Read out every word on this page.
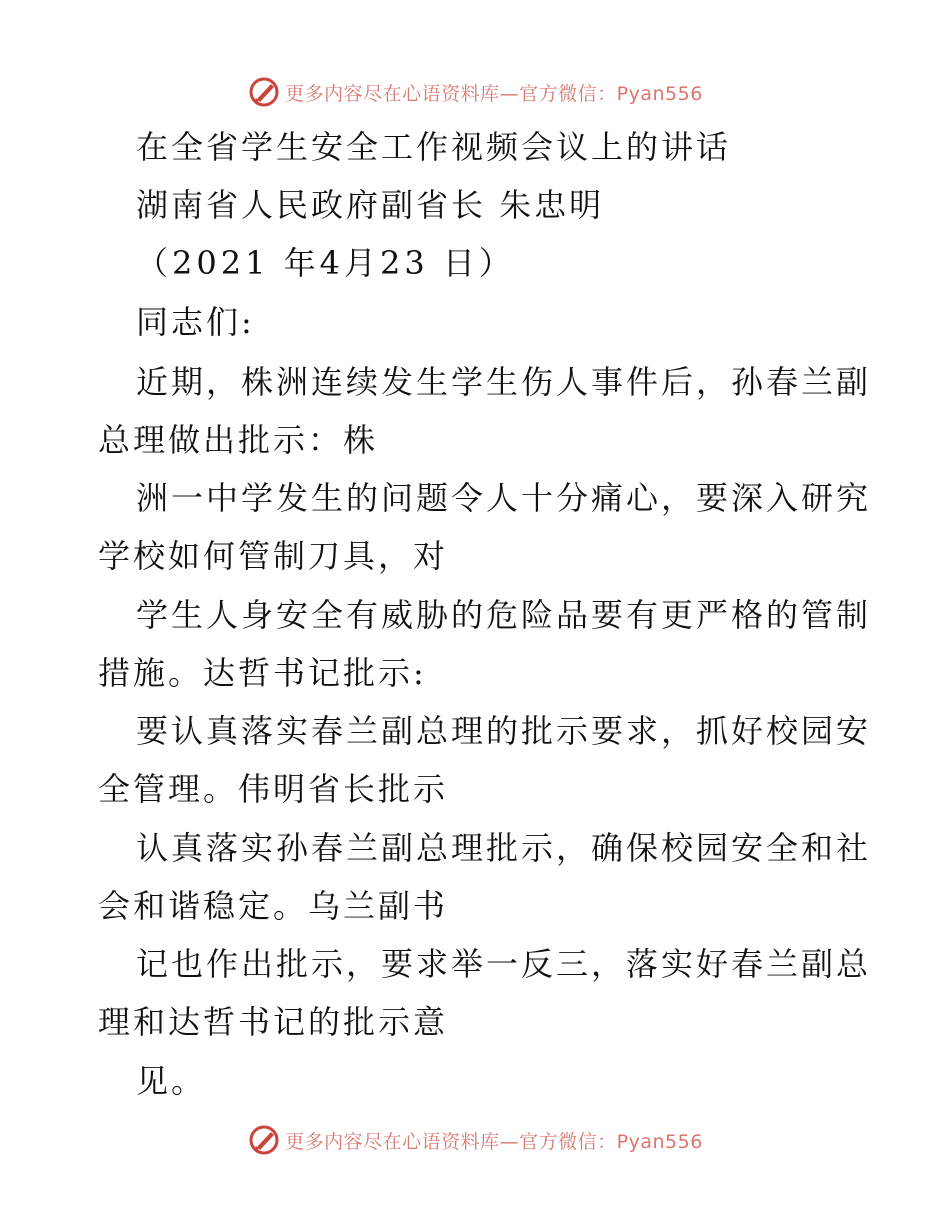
更多内容尽在心语资料库—官方微信：Pyan556
在全省学生安全工作视频会议上的讲话
湖南省人民政府副省长 朱忠明
（2021 年4月23 日）
同志们:
近期，株洲连续发生学生伤人事件后，孙春兰副
总理做出批示：株
洲一中学发生的问题令人十分痛心，要深入研究
学校如何管制刀具，对
学生人身安全有威胁的危险品要有更严格的管制
措施。达哲书记批示:
要认真落实春兰副总理的批示要求，抓好校园安
全管理。伟明省长批示
认真落实孙春兰副总理批示，确保校园安全和社
会和谐稳定。乌兰副书
记也作出批示，要求举一反三，落实好春兰副总
理和达哲书记的批示意
见。
更多内容尽在心语资料库—官方微信：Pyan556
